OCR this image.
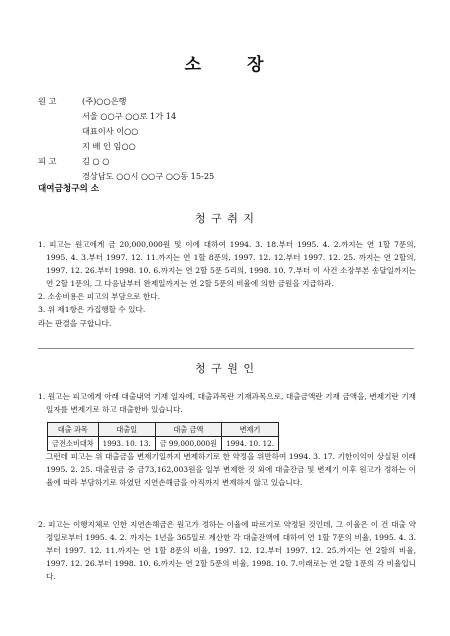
소	장
원 고	(주)○○은행
서울 ○○구 ○○로 1가 14
대표이사 이○○
지 배 인 임○○
피 고	김 ○ ○
경상남도 ○○시 ○○구 ○○동 15-25
대여금청구의 소
청 구 취 지

1. 피고는 원고에게 금 20,000,000원 및 이에 대하여 1994. 3. 18.부터 1995. 4. 2.까지는 연 1할 7푼의, 1995. 4. 3.부터 1997. 12. 11.까지는 연 1할 8푼의, 1997. 12. 12.부터 1997. 12. 25. 까지는 연 2할의, 1997. 12. 26.부터 1998. 10. 6.까지는 연 2할 5푼 5리의, 1998. 10. 7.부터 이 사건 소장부본 송달일까지는 연 2할 1푼의, 그 다음날부터 완제일까지는 연 2할 5푼의 비율에 의한 금원을 지급하라.

2. 소송비용은 피고의 부담으로 한다.

3. 위 제1항은 가집행할 수 있다.

라는 판결을 구합니다.

청 구 원 인

1. 원고는 피고에게 아래 대출내역 기재 일자에, 대출과목란 기재과목으로, 대출금액란 기재 금액을, 변제기란 기재 일자를 변제기로 하고 대출한바 있습니다.

대출 과목	대출일	대출 금액	변제기
금전소비대차	1993. 10. 13.	금 99,000,000원	1994. 10. 12.

그런데 피고는 위 대출금을 변제기일까지 변제하기로 한 약정을 위반하여 1994. 3. 17. 기한이익이 상실된 이래 1995. 2. 25. 대출원금 중 금73,162,003원을 일부 변제한 것 외에 대출잔금 및 변제기 이후 원고가 정하는 이율에 따라 부담하기로 하였던 지연손해금을 아직까지 변제하지 않고 있습니다.

2. 피고는 이행지체로 인한 지연손해금은 원고가 정하는 이율에 따르기로 약정된 것인데, 그 이율은 이 건 대출 약정일로부터 1995. 4. 2. 까지는 1년을 365일로 계산한 각 대출잔액에 대하여 연 1할 7푼의 비율, 1995. 4. 3.부터 1997. 12. 11.까지는 연 1할 8푼의 비율, 1997. 12. 12.부터 1997. 12. 25.까지는 연 2할의 비율, 1997. 12. 26.부터 1998. 10. 6.까지는 연 2할 5푼의 비율, 1998. 10. 7.이래로는 연 2할 1푼의 각 비율입니다.
